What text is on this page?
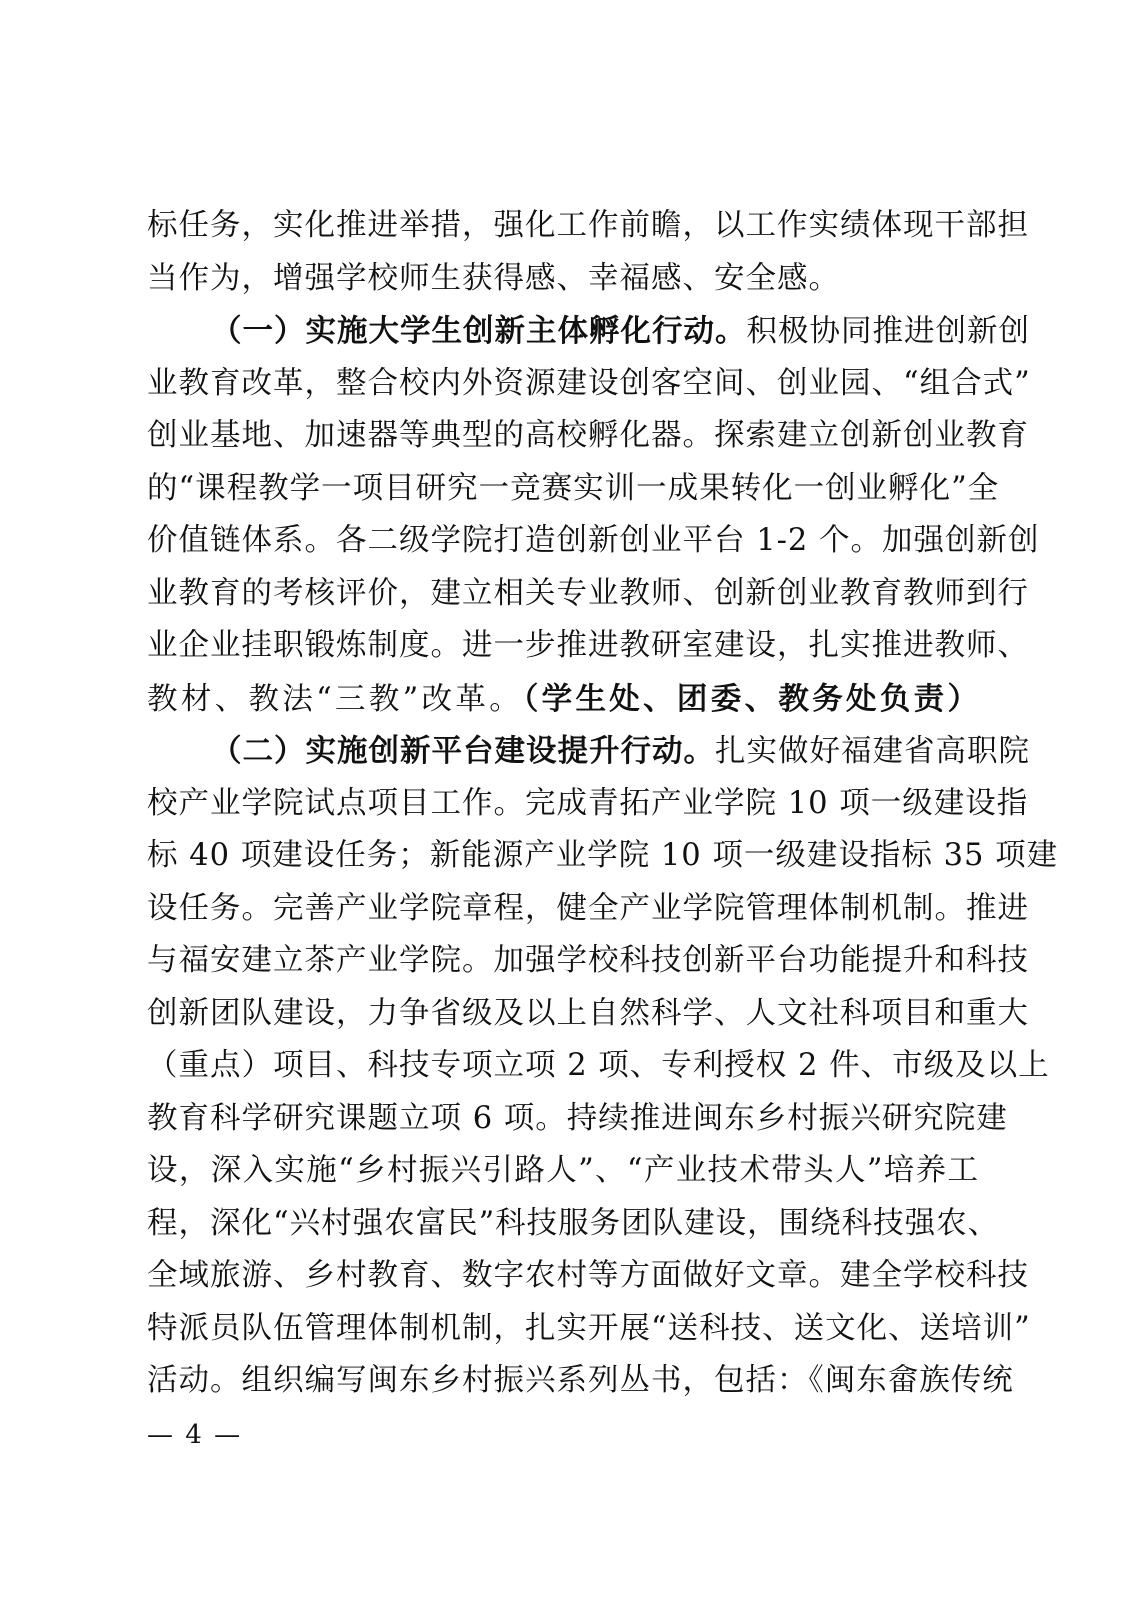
标任务，实化推进举措，强化工作前瞻，以工作实绩体现干部担
当作为，增强学校师生获得感、幸福感、安全感。
（一）实施大学生创新主体孵化行动。积极协同推进创新创
业教育改革，整合校内外资源建设创客空间、创业园、“组合式”
创业基地、加速器等典型的高校孵化器。探索建立创新创业教育
的“课程教学一项目研究一竞赛实训一成果转化一创业孵化”全
价值链体系。各二级学院打造创新创业平台 1-2 个。加强创新创
业教育的考核评价，建立相关专业教师、创新创业教育教师到行
业企业挂职锻炼制度。进一步推进教研室建设，扎实推进教师、
教材、教法“三教”改革。（学生处、团委、教务处负责）
（二）实施创新平台建设提升行动。扎实做好福建省高职院
校产业学院试点项目工作。完成青拓产业学院 10 项一级建设指
标 40 项建设任务；新能源产业学院 10 项一级建设指标 35 项建
设任务。完善产业学院章程，健全产业学院管理体制机制。推进
与福安建立茶产业学院。加强学校科技创新平台功能提升和科技
创新团队建设，力争省级及以上自然科学、人文社科项目和重大
（重点）项目、科技专项立项 2 项、专利授权 2 件、市级及以上
教育科学研究课题立项 6 项。持续推进闽东乡村振兴研究院建
设，深入实施“乡村振兴引路人”、“产业技术带头人”培养工
程，深化“兴村强农富民”科技服务团队建设，围绕科技强农、
全域旅游、乡村教育、数字农村等方面做好文章。建全学校科技
特派员队伍管理体制机制，扎实开展“送科技、送文化、送培训”
活动。组织编写闽东乡村振兴系列丛书，包括：《闽东畲族传统
— 4 —
